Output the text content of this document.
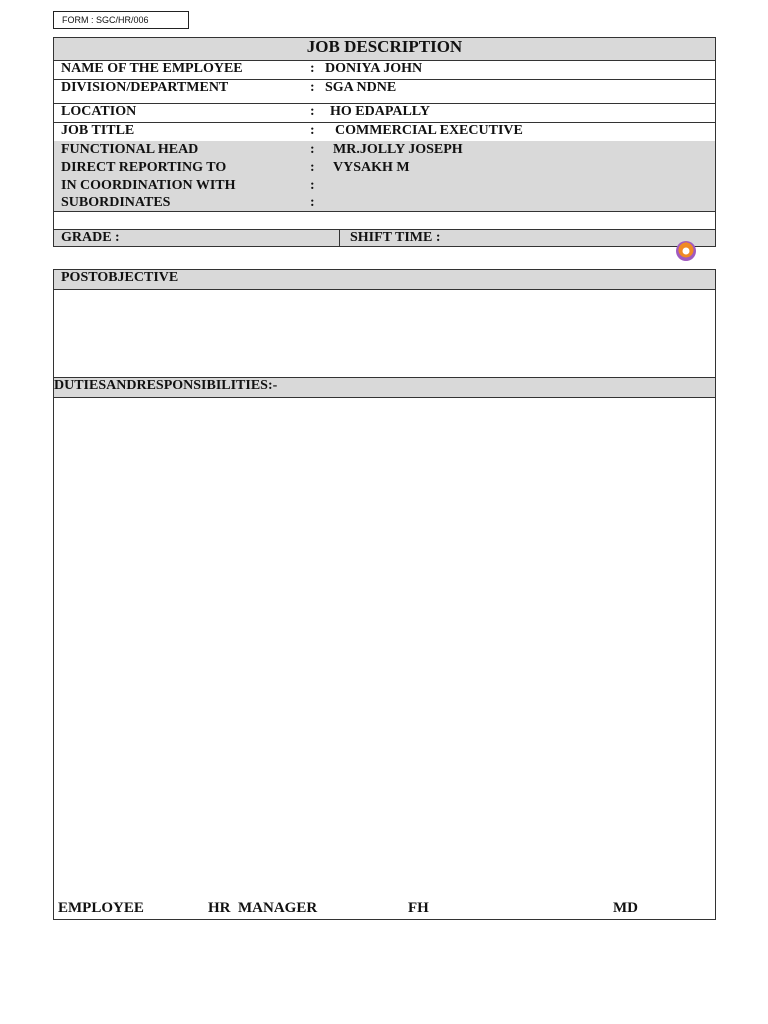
FORM : SGC/HR/006
JOB DESCRIPTION
NAME OF THE EMPLOYEE	: DONIYA JOHN
DIVISION/DEPARTMENT	: SGA NDNE
LOCATION	: HO EDAPALLY
JOB TITLE	: COMMERCIAL EXECUTIVE
FUNCTIONAL HEAD	: MR.JOLLY JOSEPH
DIRECT REPORTING TO	: VYSAKH M
IN COORDINATION WITH	:
SUBORDINATES	:
GRADE :	SHIFT TIME :
POSTOBJECTIVE
DUTIESANDRESPONSIBILITIES:-
EMPLOYEE	HR  MANAGER	FH	MD
